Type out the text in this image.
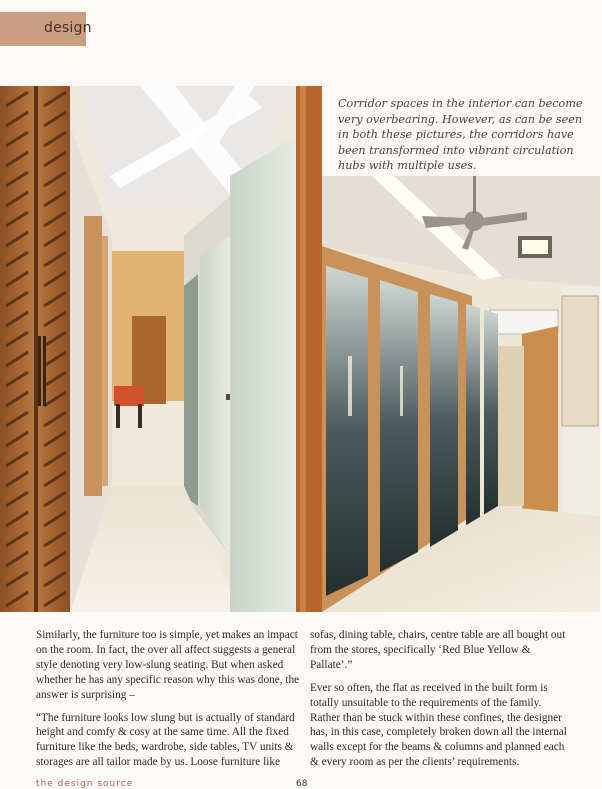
design
Corridor spaces in the interior can become very overbearing. However, as can be seen in both these pictures, the corridors have been transformed into vibrant circulation hubs with multiple uses.

Similarly, the furniture too is simple, yet makes an impact on the room. In fact, the over all affect suggests a general style denoting very low-slung seating. But when asked whether he has any specific reason why this was done, the answer is surprising –

“The furniture looks low slung but is actually of standard height and comfy & cosy at the same time. All the fixed furniture like the beds, wardrobe, side tables, TV units & storages are all tailor made by us. Loose furniture like

sofas, dining table, chairs, centre table are all bought out from the stores, specifically ‘Red Blue Yellow & Pallate’.”

Ever so often, the flat as received in the built form is totally unsuitable to the requirements of the family. Rather than be stuck within these confines, the designer has, in this case, completely broken down all the internal walls except for the beams & columns and planned each & every room as per the clients’ requirements.

the design source	68
